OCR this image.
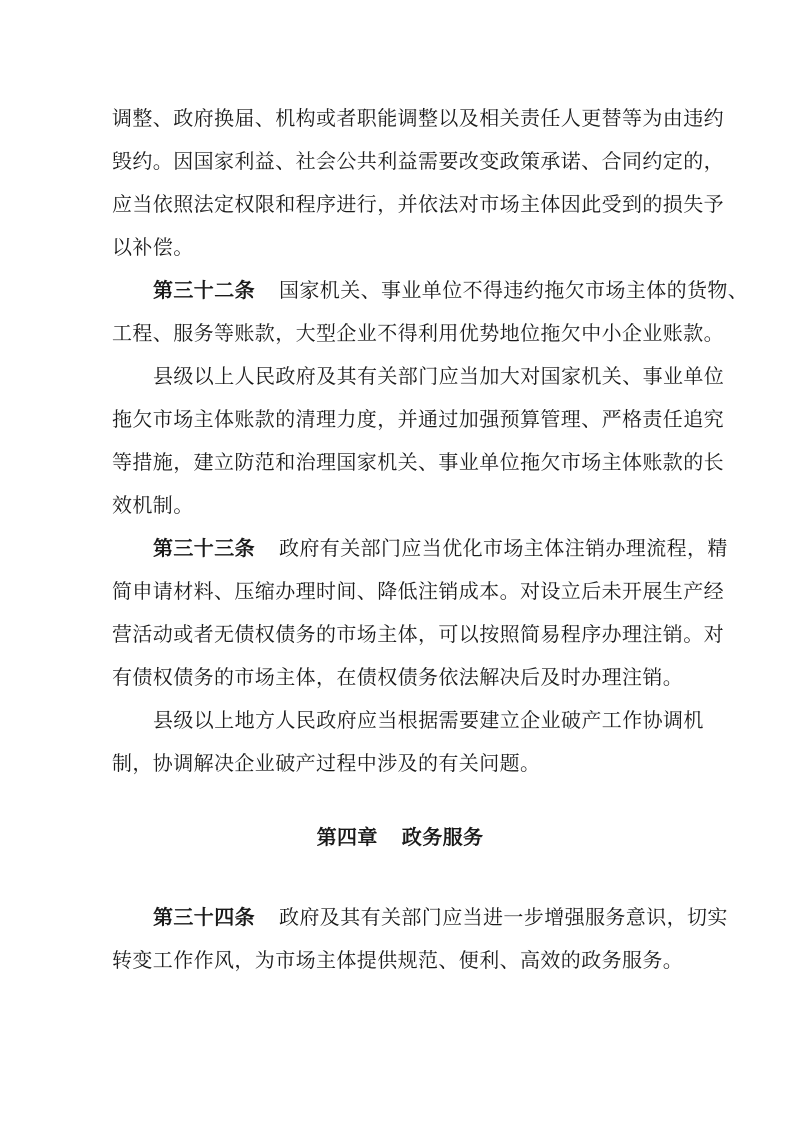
调整、政府换届、机构或者职能调整以及相关责任人更替等为由违约
毁约。因国家利益、社会公共利益需要改变政策承诺、合同约定的，
应当依照法定权限和程序进行，并依法对市场主体因此受到的损失予
以补偿。
第三十二条 国家机关、事业单位不得违约拖欠市场主体的货物、
工程、服务等账款，大型企业不得利用优势地位拖欠中小企业账款。
县级以上人民政府及其有关部门应当加大对国家机关、事业单位
拖欠市场主体账款的清理力度，并通过加强预算管理、严格责任追究
等措施，建立防范和治理国家机关、事业单位拖欠市场主体账款的长
效机制。
第三十三条 政府有关部门应当优化市场主体注销办理流程，精
简申请材料、压缩办理时间、降低注销成本。对设立后未开展生产经
营活动或者无债权债务的市场主体，可以按照简易程序办理注销。对
有债权债务的市场主体，在债权债务依法解决后及时办理注销。
县级以上地方人民政府应当根据需要建立企业破产工作协调机
制，协调解决企业破产过程中涉及的有关问题。
第四章 政务服务
第三十四条 政府及其有关部门应当进一步增强服务意识，切实
转变工作作风，为市场主体提供规范、便利、高效的政务服务。
